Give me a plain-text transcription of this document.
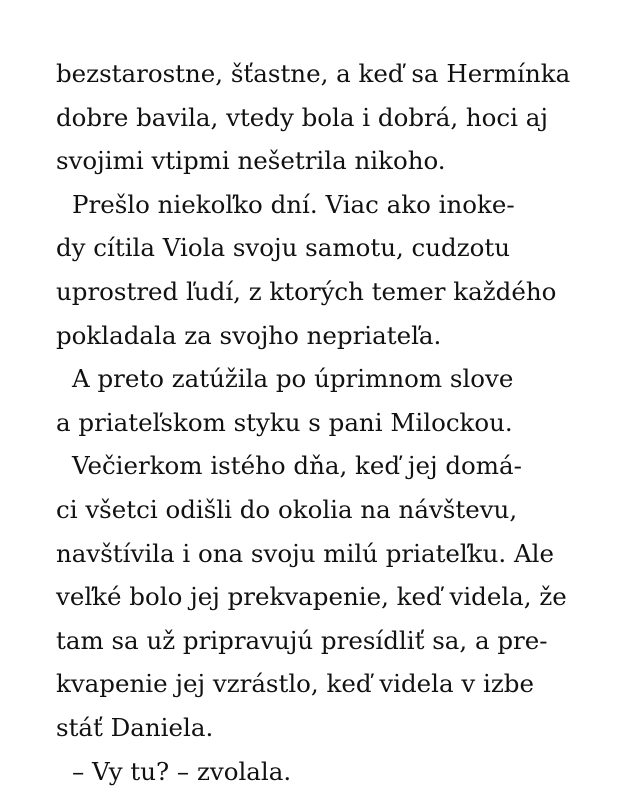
bezstarostne, šťastne, a keď sa Hermínka
dobre bavila, vtedy bola i dobrá, hoci aj
svojimi vtipmi nešetrila nikoho.
Prešlo niekoľko dní. Viac ako inoke-
dy cítila Viola svoju samotu, cudzotu
uprostred ľudí, z ktorých temer každého
pokladala za svojho nepriateľa.
A preto zatúžila po úprimnom slove
a priateľskom styku s pani Milockou.
Večierkom istého dňa, keď jej domá-
ci všetci odišli do okolia na návštevu,
navštívila i ona svoju milú priateľku. Ale
veľké bolo jej prekvapenie, keď videla, že
tam sa už pripravujú presídliť sa, a pre-
kvapenie jej vzrástlo, keď videla v izbe
stáť Daniela.
– Vy tu? – zvolala.
